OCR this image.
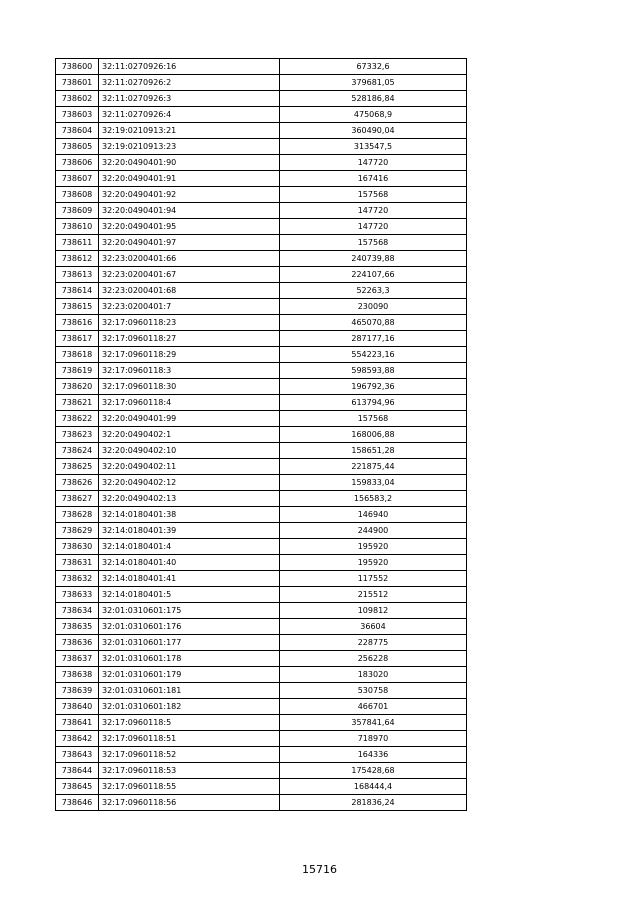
738600	32:11:0270926:16	67332,6
738601	32:11:0270926:2	379681,05
738602	32:11:0270926:3	528186,84
738603	32:11:0270926:4	475068,9
738604	32:19:0210913:21	360490,04
738605	32:19:0210913:23	313547,5
738606	32:20:0490401:90	147720
738607	32:20:0490401:91	167416
738608	32:20:0490401:92	157568
738609	32:20:0490401:94	147720
738610	32:20:0490401:95	147720
738611	32:20:0490401:97	157568
738612	32:23:0200401:66	240739,88
738613	32:23:0200401:67	224107,66
738614	32:23:0200401:68	52263,3
738615	32:23:0200401:7	230090
738616	32:17:0960118:23	465070,88
738617	32:17:0960118:27	287177,16
738618	32:17:0960118:29	554223,16
738619	32:17:0960118:3	598593,88
738620	32:17:0960118:30	196792,36
738621	32:17:0960118:4	613794,96
738622	32:20:0490401:99	157568
738623	32:20:0490402:1	168006,88
738624	32:20:0490402:10	158651,28
738625	32:20:0490402:11	221875,44
738626	32:20:0490402:12	159833,04
738627	32:20:0490402:13	156583,2
738628	32:14:0180401:38	146940
738629	32:14:0180401:39	244900
738630	32:14:0180401:4	195920
738631	32:14:0180401:40	195920
738632	32:14:0180401:41	117552
738633	32:14:0180401:5	215512
738634	32:01:0310601:175	109812
738635	32:01:0310601:176	36604
738636	32:01:0310601:177	228775
738637	32:01:0310601:178	256228
738638	32:01:0310601:179	183020
738639	32:01:0310601:181	530758
738640	32:01:0310601:182	466701
738641	32:17:0960118:5	357841,64
738642	32:17:0960118:51	718970
738643	32:17:0960118:52	164336
738644	32:17:0960118:53	175428,68
738645	32:17:0960118:55	168444,4
738646	32:17:0960118:56	281836,24
15716
